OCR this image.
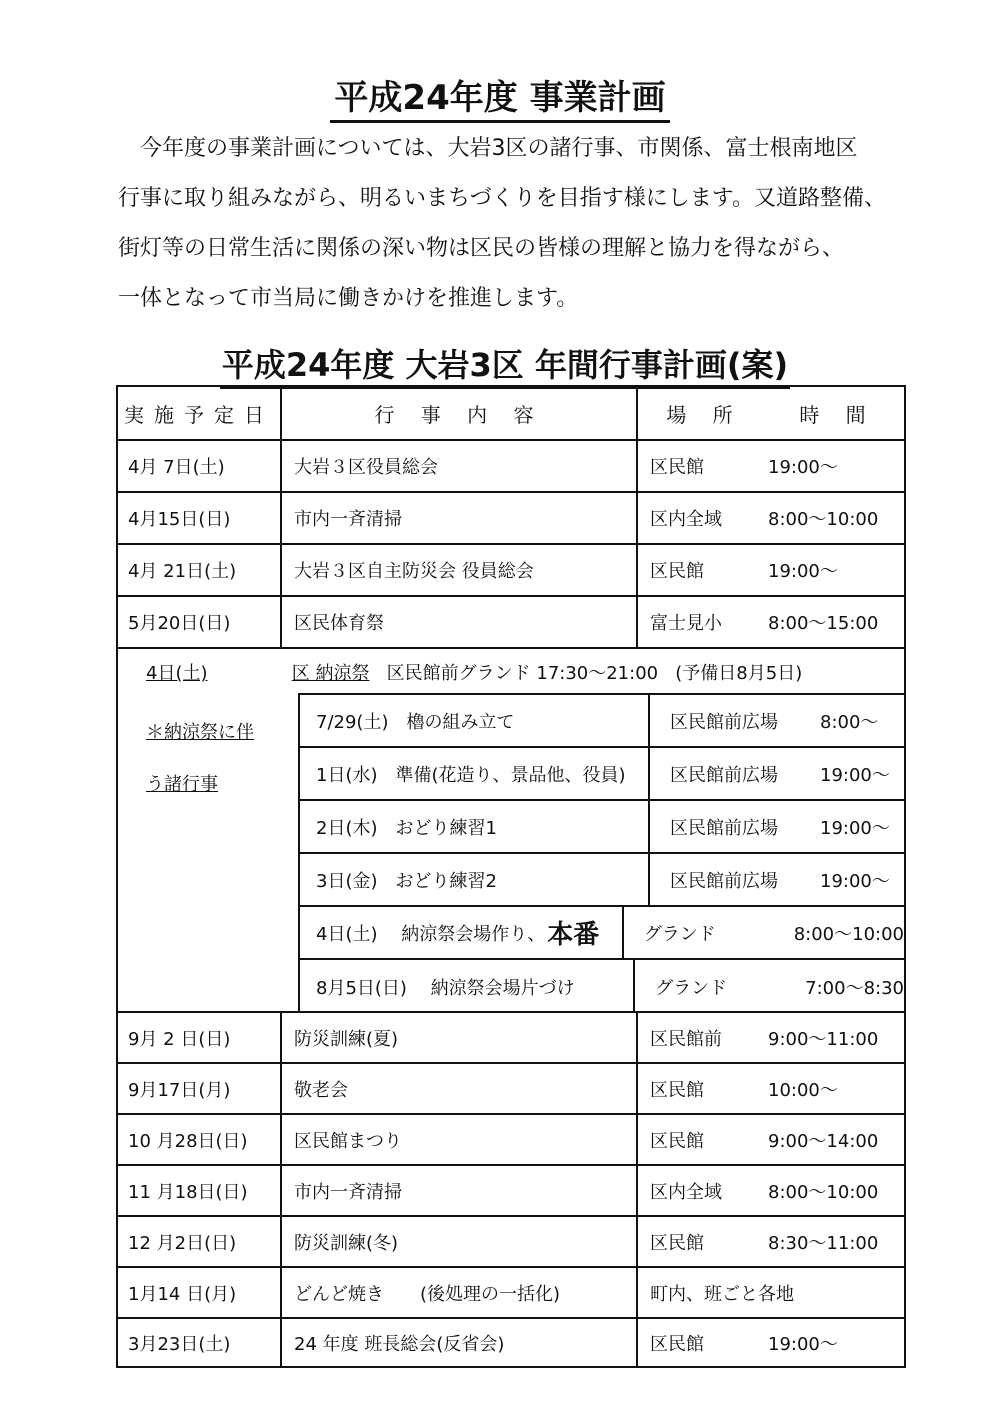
平成24年度 事業計画

　今年度の事業計画については、大岩3区の諸行事、市関係、富士根南地区

行事に取り組みながら、明るいまちづくりを目指す様にします。又道路整備、

街灯等の日常生活に関係の深い物は区民の皆様の理解と協力を得ながら、

一体となって市当局に働きかけを推進します。

平成24年度 大岩3区 年間行事計画(案)
実施予定日	行 事 内 容	場 所	時 間
4月 7日(土)	大岩３区役員総会	区民館	19:00～
4月15日(日)	市内一斉清掃	区内全域	8:00～10:00
4月 21日(土)	大岩３区自主防災会 役員総会	区民館	19:00～
5月20日(日)	区民体育祭	富士見小	8:00～15:00
4日(土)	区 納涼祭 区民館前グランド 17:30～21:00 (予備日8月5日)
＊納涼祭に伴
う諸行事
7/29(土)　櫓の組み立て	区民館前広場	8:00～
1日(水)　準備(花造り、景品他、役員)	区民館前広場	19:00～
2日(木)　おどり練習1	区民館前広場	19:00～
3日(金)　おどり練習2	区民館前広場	19:00～
4日(土)　 納涼祭会場作り、 本番 グランド	8:00～10:00
8月5日(日)　 納涼祭会場片づけ	グランド	7:00～8:30
9月 2 日(日)	防災訓練(夏)	区民館前	9:00～11:00
9月17日(月)	敬老会	区民館	10:00～
10 月28日(日)	区民館まつり	区民館	9:00～14:00
11 月18日(日)	市内一斉清掃	区内全域	8:00～10:00
12 月2日(日)	防災訓練(冬)	区民館	8:30～11:00
1月14 日(月)	どんど焼き　　(後処理の一括化)	町内、班ごと各地
3月23日(土)	24 年度 班長総会(反省会)	区民館	19:00～
